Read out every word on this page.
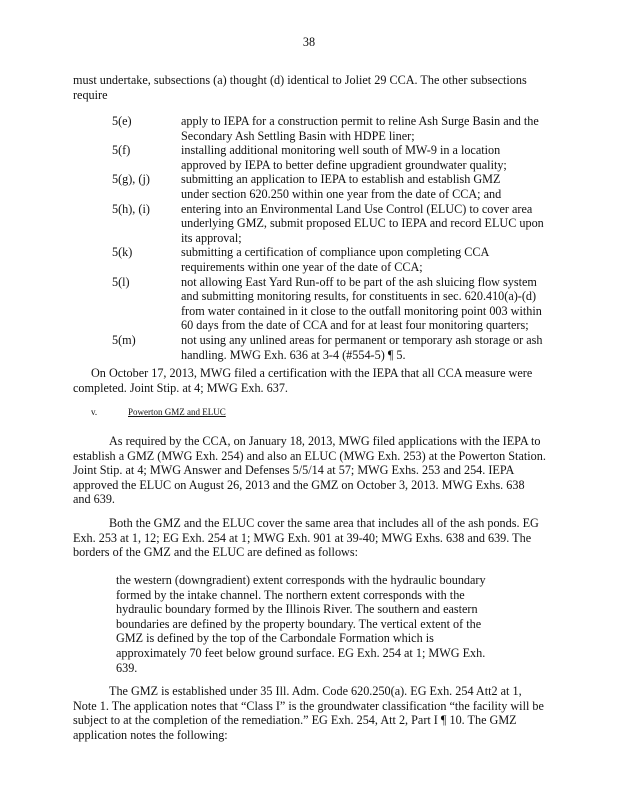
38
must undertake, subsections (a) thought (d) identical to Joliet 29 CCA. The other subsections
require
5(e)	apply to IEPA for a construction permit to reline Ash Surge Basin and the
Secondary Ash Settling Basin with HDPE liner;
5(f)	installing additional monitoring well south of MW-9 in a location
approved by IEPA to better define upgradient groundwater quality;
5(g), (j)	submitting an application to IEPA to establish and establish GMZ
under section 620.250 within one year from the date of CCA; and
5(h), (i)	entering into an Environmental Land Use Control (ELUC) to cover area
underlying GMZ, submit proposed ELUC to IEPA and record ELUC upon
its approval;
5(k)	submitting a certification of compliance upon completing CCA
requirements within one year of the date of CCA;
5(l)	not allowing East Yard Run-off to be part of the ash sluicing flow system
and submitting monitoring results, for constituents in sec. 620.410(a)-(d)
from water contained in it close to the outfall monitoring point 003 within
60 days from the date of CCA and for at least four monitoring quarters;
5(m)	not using any unlined areas for permanent or temporary ash storage or ash
handling. MWG Exh. 636 at 3-4 (#554-5) ¶ 5.
On October 17, 2013, MWG filed a certification with the IEPA that all CCA measure were
completed. Joint Stip. at 4; MWG Exh. 637.
v.	Powerton GMZ and ELUC
As required by the CCA, on January 18, 2013, MWG filed applications with the IEPA to
establish a GMZ (MWG Exh. 254) and also an ELUC (MWG Exh. 253) at the Powerton Station.
Joint Stip. at 4; MWG Answer and Defenses 5/5/14 at 57; MWG Exhs. 253 and 254. IEPA
approved the ELUC on August 26, 2013 and the GMZ on October 3, 2013. MWG Exhs. 638
and 639.
Both the GMZ and the ELUC cover the same area that includes all of the ash ponds. EG
Exh. 253 at 1, 12; EG Exh. 254 at 1; MWG Exh. 901 at 39-40; MWG Exhs. 638 and 639. The
borders of the GMZ and the ELUC are defined as follows:
the western (downgradient) extent corresponds with the hydraulic boundary
formed by the intake channel. The northern extent corresponds with the
hydraulic boundary formed by the Illinois River. The southern and eastern
boundaries are defined by the property boundary. The vertical extent of the
GMZ is defined by the top of the Carbondale Formation which is
approximately 70 feet below ground surface. EG Exh. 254 at 1; MWG Exh.
639.
The GMZ is established under 35 Ill. Adm. Code 620.250(a). EG Exh. 254 Att2 at 1,
Note 1. The application notes that “Class I” is the groundwater classification “the facility will be
subject to at the completion of the remediation.” EG Exh. 254, Att 2, Part I ¶ 10. The GMZ
application notes the following:
